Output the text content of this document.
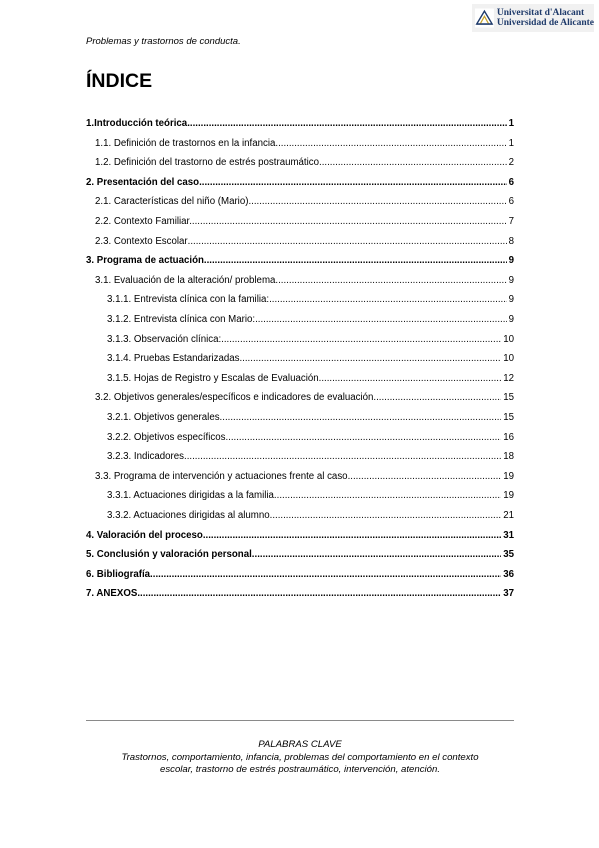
Universitat d'Alacant
Universidad de Alicante
Problemas y trastornos de conducta.
ÍNDICE
1.Introducción teórica .....	1
1.1. Definición de trastornos en la infancia. .....	1
1.2. Definición del trastorno de estrés postraumático. .....	2
2. Presentación del caso. .....	6
2.1. Características del niño (Mario). .....	6
2.2. Contexto Familiar. .....	7
2.3. Contexto Escolar .....	8
3. Programa de actuación. .....	9
3.1. Evaluación de la alteración/ problema. .....	9
3.1.1. Entrevista clínica con la familia: .....	9
3.1.2. Entrevista clínica con Mario: .....	9
3.1.3. Observación clínica: .....	10
3.1.4. Pruebas Estandarizadas. .....	10
3.1.5. Hojas de Registro y Escalas de Evaluación. .....	12
3.2. Objetivos generales/específicos e indicadores de evaluación. .....	15
3.2.1. Objetivos generales. .....	15
3.2.2. Objetivos específicos. .....	16
3.2.3. Indicadores .....	18
3.3. Programa de intervención y actuaciones frente al caso .....	19
3.3.1. Actuaciones dirigidas a la familia. .....	19
3.3.2. Actuaciones dirigidas al alumno. .....	21
4. Valoración del proceso. .....	31
5. Conclusión y valoración personal. .....	35
6. Bibliografía. .....	36
7. ANEXOS. .....	37
PALABRAS CLAVE
Trastornos, comportamiento, infancia, problemas del comportamiento en el contexto
escolar, trastorno de estrés postraumático, intervención, atención.
